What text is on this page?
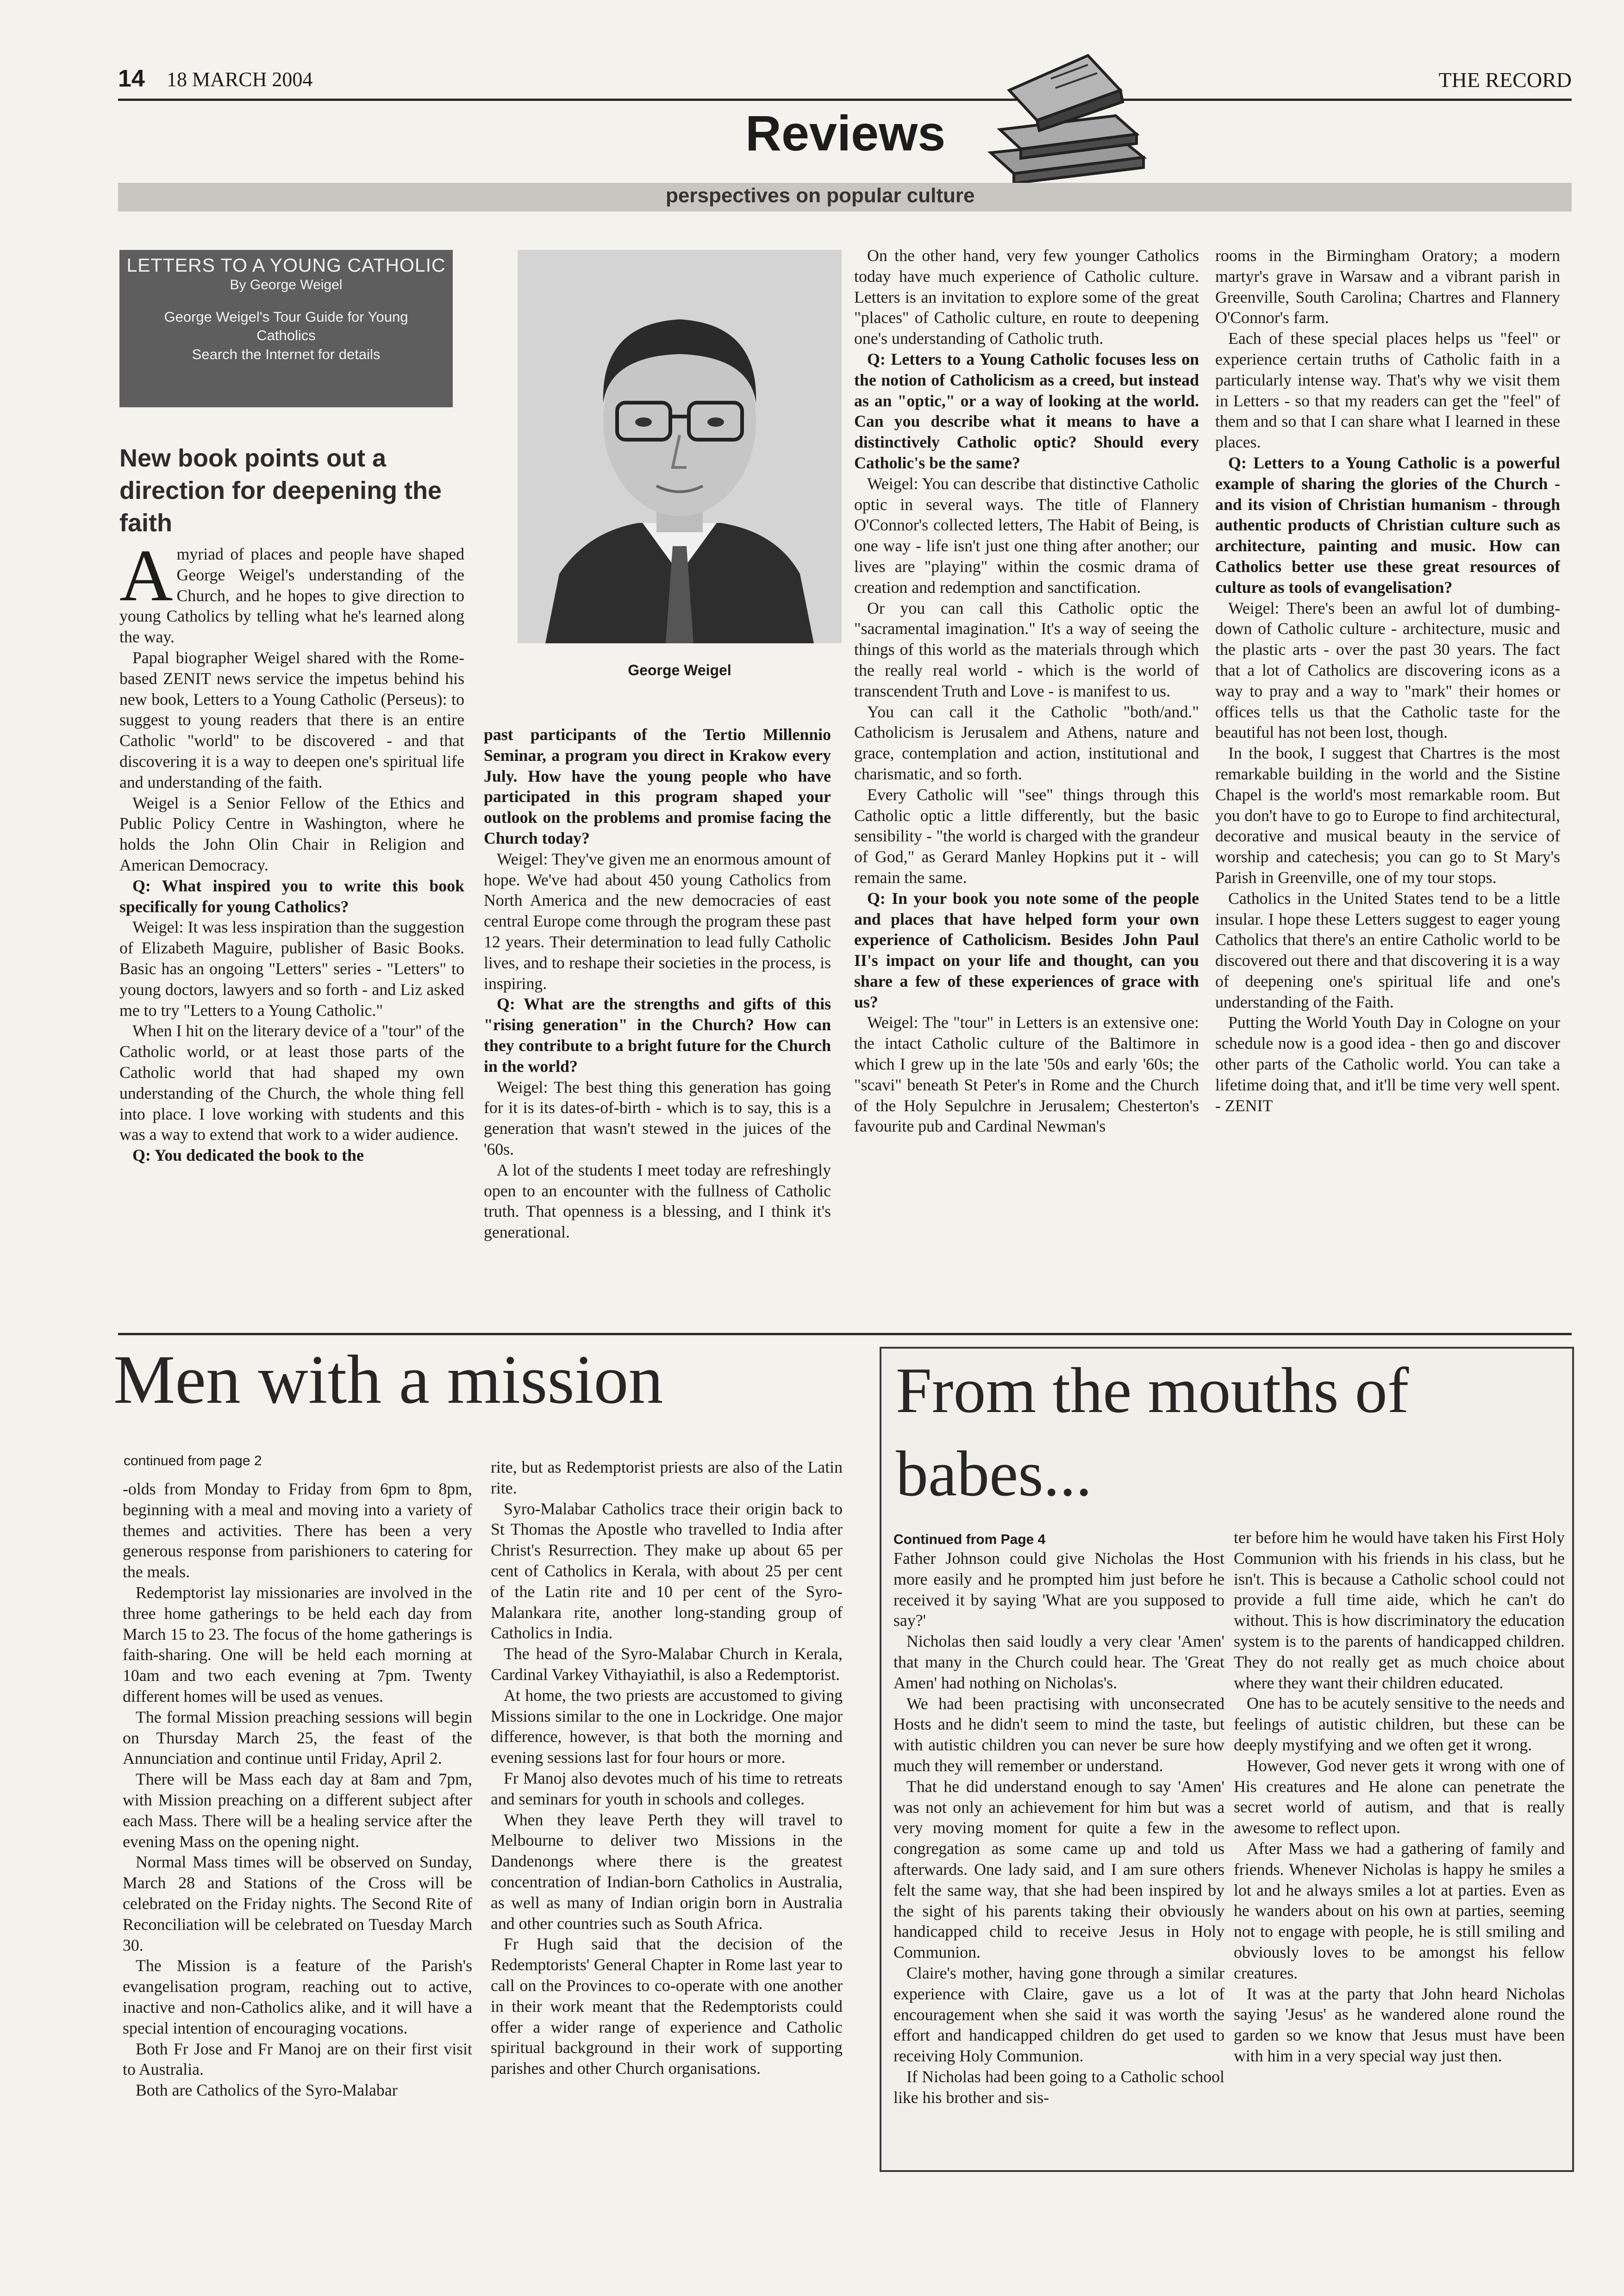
14 18 MARCH 2004	THE RECORD
Reviews
perspectives on popular culture
LETTERS TO A YOUNG CATHOLIC
By George Weigel
George Weigel's Tour Guide for Young Catholics
Search the Internet for details
New book points out a direction for deepening the faith
George Weigel
A myriad of places and people have shaped George Weigel's understanding of the Church, and he hopes to give direction to young Catholics by telling what he's learned along the way.

Papal biographer Weigel shared with the Rome-based ZENIT news service the impetus behind his new book, Letters to a Young Catholic (Perseus): to suggest to young readers that there is an entire Catholic "world" to be discovered - and that discovering it is a way to deepen one's spiritual life and understanding of the faith.

Weigel is a Senior Fellow of the Ethics and Public Policy Centre in Washington, where he holds the John Olin Chair in Religion and American Democracy.

Q: What inspired you to write this book specifically for young Catholics?

Weigel: It was less inspiration than the suggestion of Elizabeth Maguire, publisher of Basic Books. Basic has an ongoing "Letters" series - "Letters" to young doctors, lawyers and so forth - and Liz asked me to try "Letters to a Young Catholic."

When I hit on the literary device of a "tour" of the Catholic world, or at least those parts of the Catholic world that had shaped my own understanding of the Church, the whole thing fell into place. I love working with students and this was a way to extend that work to a wider audience.

Q: You dedicated the book to the

past participants of the Tertio Millennio Seminar, a program you direct in Krakow every July. How have the young people who have participated in this program shaped your outlook on the problems and promise facing the Church today?

Weigel: They've given me an enormous amount of hope. We've had about 450 young Catholics from North America and the new democracies of east central Europe come through the program these past 12 years. Their determination to lead fully Catholic lives, and to reshape their societies in the process, is inspiring.

Q: What are the strengths and gifts of this "rising generation" in the Church? How can they contribute to a bright future for the Church in the world?

Weigel: The best thing this generation has going for it is its dates-of-birth - which is to say, this is a generation that wasn't stewed in the juices of the '60s.

A lot of the students I meet today are refreshingly open to an encounter with the fullness of Catholic truth. That openness is a blessing, and I think it's generational.

On the other hand, very few younger Catholics today have much experience of Catholic culture. Letters is an invitation to explore some of the great "places" of Catholic culture, en route to deepening one's understanding of Catholic truth.

Q: Letters to a Young Catholic focuses less on the notion of Catholicism as a creed, but instead as an "optic," or a way of looking at the world. Can you describe what it means to have a distinctively Catholic optic? Should every Catholic's be the same?

Weigel: You can describe that distinctive Catholic optic in several ways. The title of Flannery O'Connor's collected letters, The Habit of Being, is one way - life isn't just one thing after another; our lives are "playing" within the cosmic drama of creation and redemption and sanctification.

Or you can call this Catholic optic the "sacramental imagination." It's a way of seeing the things of this world as the materials through which the really real world - which is the world of transcendent Truth and Love - is manifest to us.

You can call it the Catholic "both/and." Catholicism is Jerusalem and Athens, nature and grace, contemplation and action, institutional and charismatic, and so forth.

Every Catholic will "see" things through this Catholic optic a little differently, but the basic sensibility - "the world is charged with the grandeur of God," as Gerard Manley Hopkins put it - will remain the same.

Q: In your book you note some of the people and places that have helped form your own experience of Catholicism. Besides John Paul II's impact on your life and thought, can you share a few of these experiences of grace with us?

Weigel: The "tour" in Letters is an extensive one: the intact Catholic culture of the Baltimore in which I grew up in the late '50s and early '60s; the "scavi" beneath St Peter's in Rome and the Church of the Holy Sepulchre in Jerusalem; Chesterton's favourite pub and Cardinal Newman's

rooms in the Birmingham Oratory; a modern martyr's grave in Warsaw and a vibrant parish in Greenville, South Carolina; Chartres and Flannery O'Connor's farm.

Each of these special places helps us "feel" or experience certain truths of Catholic faith in a particularly intense way. That's why we visit them in Letters - so that my readers can get the "feel" of them and so that I can share what I learned in these places.

Q: Letters to a Young Catholic is a powerful example of sharing the glories of the Church - and its vision of Christian humanism - through authentic products of Christian culture such as architecture, painting and music. How can Catholics better use these great resources of culture as tools of evangelisation?

Weigel: There's been an awful lot of dumbing-down of Catholic culture - architecture, music and the plastic arts - over the past 30 years. The fact that a lot of Catholics are discovering icons as a way to pray and a way to "mark" their homes or offices tells us that the Catholic taste for the beautiful has not been lost, though.

In the book, I suggest that Chartres is the most remarkable building in the world and the Sistine Chapel is the world's most remarkable room. But you don't have to go to Europe to find architectural, decorative and musical beauty in the service of worship and catechesis; you can go to St Mary's Parish in Greenville, one of my tour stops.

Catholics in the United States tend to be a little insular. I hope these Letters suggest to eager young Catholics that there's an entire Catholic world to be discovered out there and that discovering it is a way of deepening one's spiritual life and one's understanding of the Faith.

Putting the World Youth Day in Cologne on your schedule now is a good idea - then go and discover other parts of the Catholic world. You can take a lifetime doing that, and it'll be time very well spent. - ZENIT

Men with a mission
continued from page 2

-olds from Monday to Friday from 6pm to 8pm, beginning with a meal and moving into a variety of themes and activities. There has been a very generous response from parishioners to catering for the meals.

Redemptorist lay missionaries are involved in the three home gatherings to be held each day from March 15 to 23. The focus of the home gatherings is faith-sharing. One will be held each morning at 10am and two each evening at 7pm. Twenty different homes will be used as venues.

The formal Mission preaching sessions will begin on Thursday March 25, the feast of the Annunciation and continue until Friday, April 2.

There will be Mass each day at 8am and 7pm, with Mission preaching on a different subject after each Mass. There will be a healing service after the evening Mass on the opening night.

Normal Mass times will be observed on Sunday, March 28 and Stations of the Cross will be celebrated on the Friday nights. The Second Rite of Reconciliation will be celebrated on Tuesday March 30.

The Mission is a feature of the Parish's evangelisation program, reaching out to active, inactive and non-Catholics alike, and it will have a special intention of encouraging vocations.

Both Fr Jose and Fr Manoj are on their first visit to Australia.

Both are Catholics of the Syro-Malabar

rite, but as Redemptorist priests are also of the Latin rite.

Syro-Malabar Catholics trace their origin back to St Thomas the Apostle who travelled to India after Christ's Resurrection. They make up about 65 per cent of Catholics in Kerala, with about 25 per cent of the Latin rite and 10 per cent of the Syro-Malankara rite, another long-standing group of Catholics in India.

The head of the Syro-Malabar Church in Kerala, Cardinal Varkey Vithayiathil, is also a Redemptorist.

At home, the two priests are accustomed to giving Missions similar to the one in Lockridge. One major difference, however, is that both the morning and evening sessions last for four hours or more.

Fr Manoj also devotes much of his time to retreats and seminars for youth in schools and colleges.

When they leave Perth they will travel to Melbourne to deliver two Missions in the Dandenongs where there is the greatest concentration of Indian-born Catholics in Australia, as well as many of Indian origin born in Australia and other countries such as South Africa.

Fr Hugh said that the decision of the Redemptorists' General Chapter in Rome last year to call on the Provinces to co-operate with one another in their work meant that the Redemptorists could offer a wider range of experience and Catholic spiritual background in their work of supporting parishes and other Church organisations.

From the mouths of babes...
Continued from Page 4

Father Johnson could give Nicholas the Host more easily and he prompted him just before he received it by saying 'What are you supposed to say?'

Nicholas then said loudly a very clear 'Amen' that many in the Church could hear. The 'Great Amen' had nothing on Nicholas's.

We had been practising with unconsecrated Hosts and he didn't seem to mind the taste, but with autistic children you can never be sure how much they will remember or understand.

That he did understand enough to say 'Amen' was not only an achievement for him but was a very moving moment for quite a few in the congregation as some came up and told us afterwards. One lady said, and I am sure others felt the same way, that she had been inspired by the sight of his parents taking their obviously handicapped child to receive Jesus in Holy Communion.

Claire's mother, having gone through a similar experience with Claire, gave us a lot of encouragement when she said it was worth the effort and handicapped children do get used to receiving Holy Communion.

If Nicholas had been going to a Catholic school like his brother and sis-

ter before him he would have taken his First Holy Communion with his friends in his class, but he isn't. This is because a Catholic school could not provide a full time aide, which he can't do without. This is how discriminatory the education system is to the parents of handicapped children. They do not really get as much choice about where they want their children educated.

One has to be acutely sensitive to the needs and feelings of autistic children, but these can be deeply mystifying and we often get it wrong.

However, God never gets it wrong with one of His creatures and He alone can penetrate the secret world of autism, and that is really awesome to reflect upon.

After Mass we had a gathering of family and friends. Whenever Nicholas is happy he smiles a lot and he always smiles a lot at parties. Even as he wanders about on his own at parties, seeming not to engage with people, he is still smiling and obviously loves to be amongst his fellow creatures.

It was at the party that John heard Nicholas saying 'Jesus' as he wandered alone round the garden so we know that Jesus must have been with him in a very special way just then.
